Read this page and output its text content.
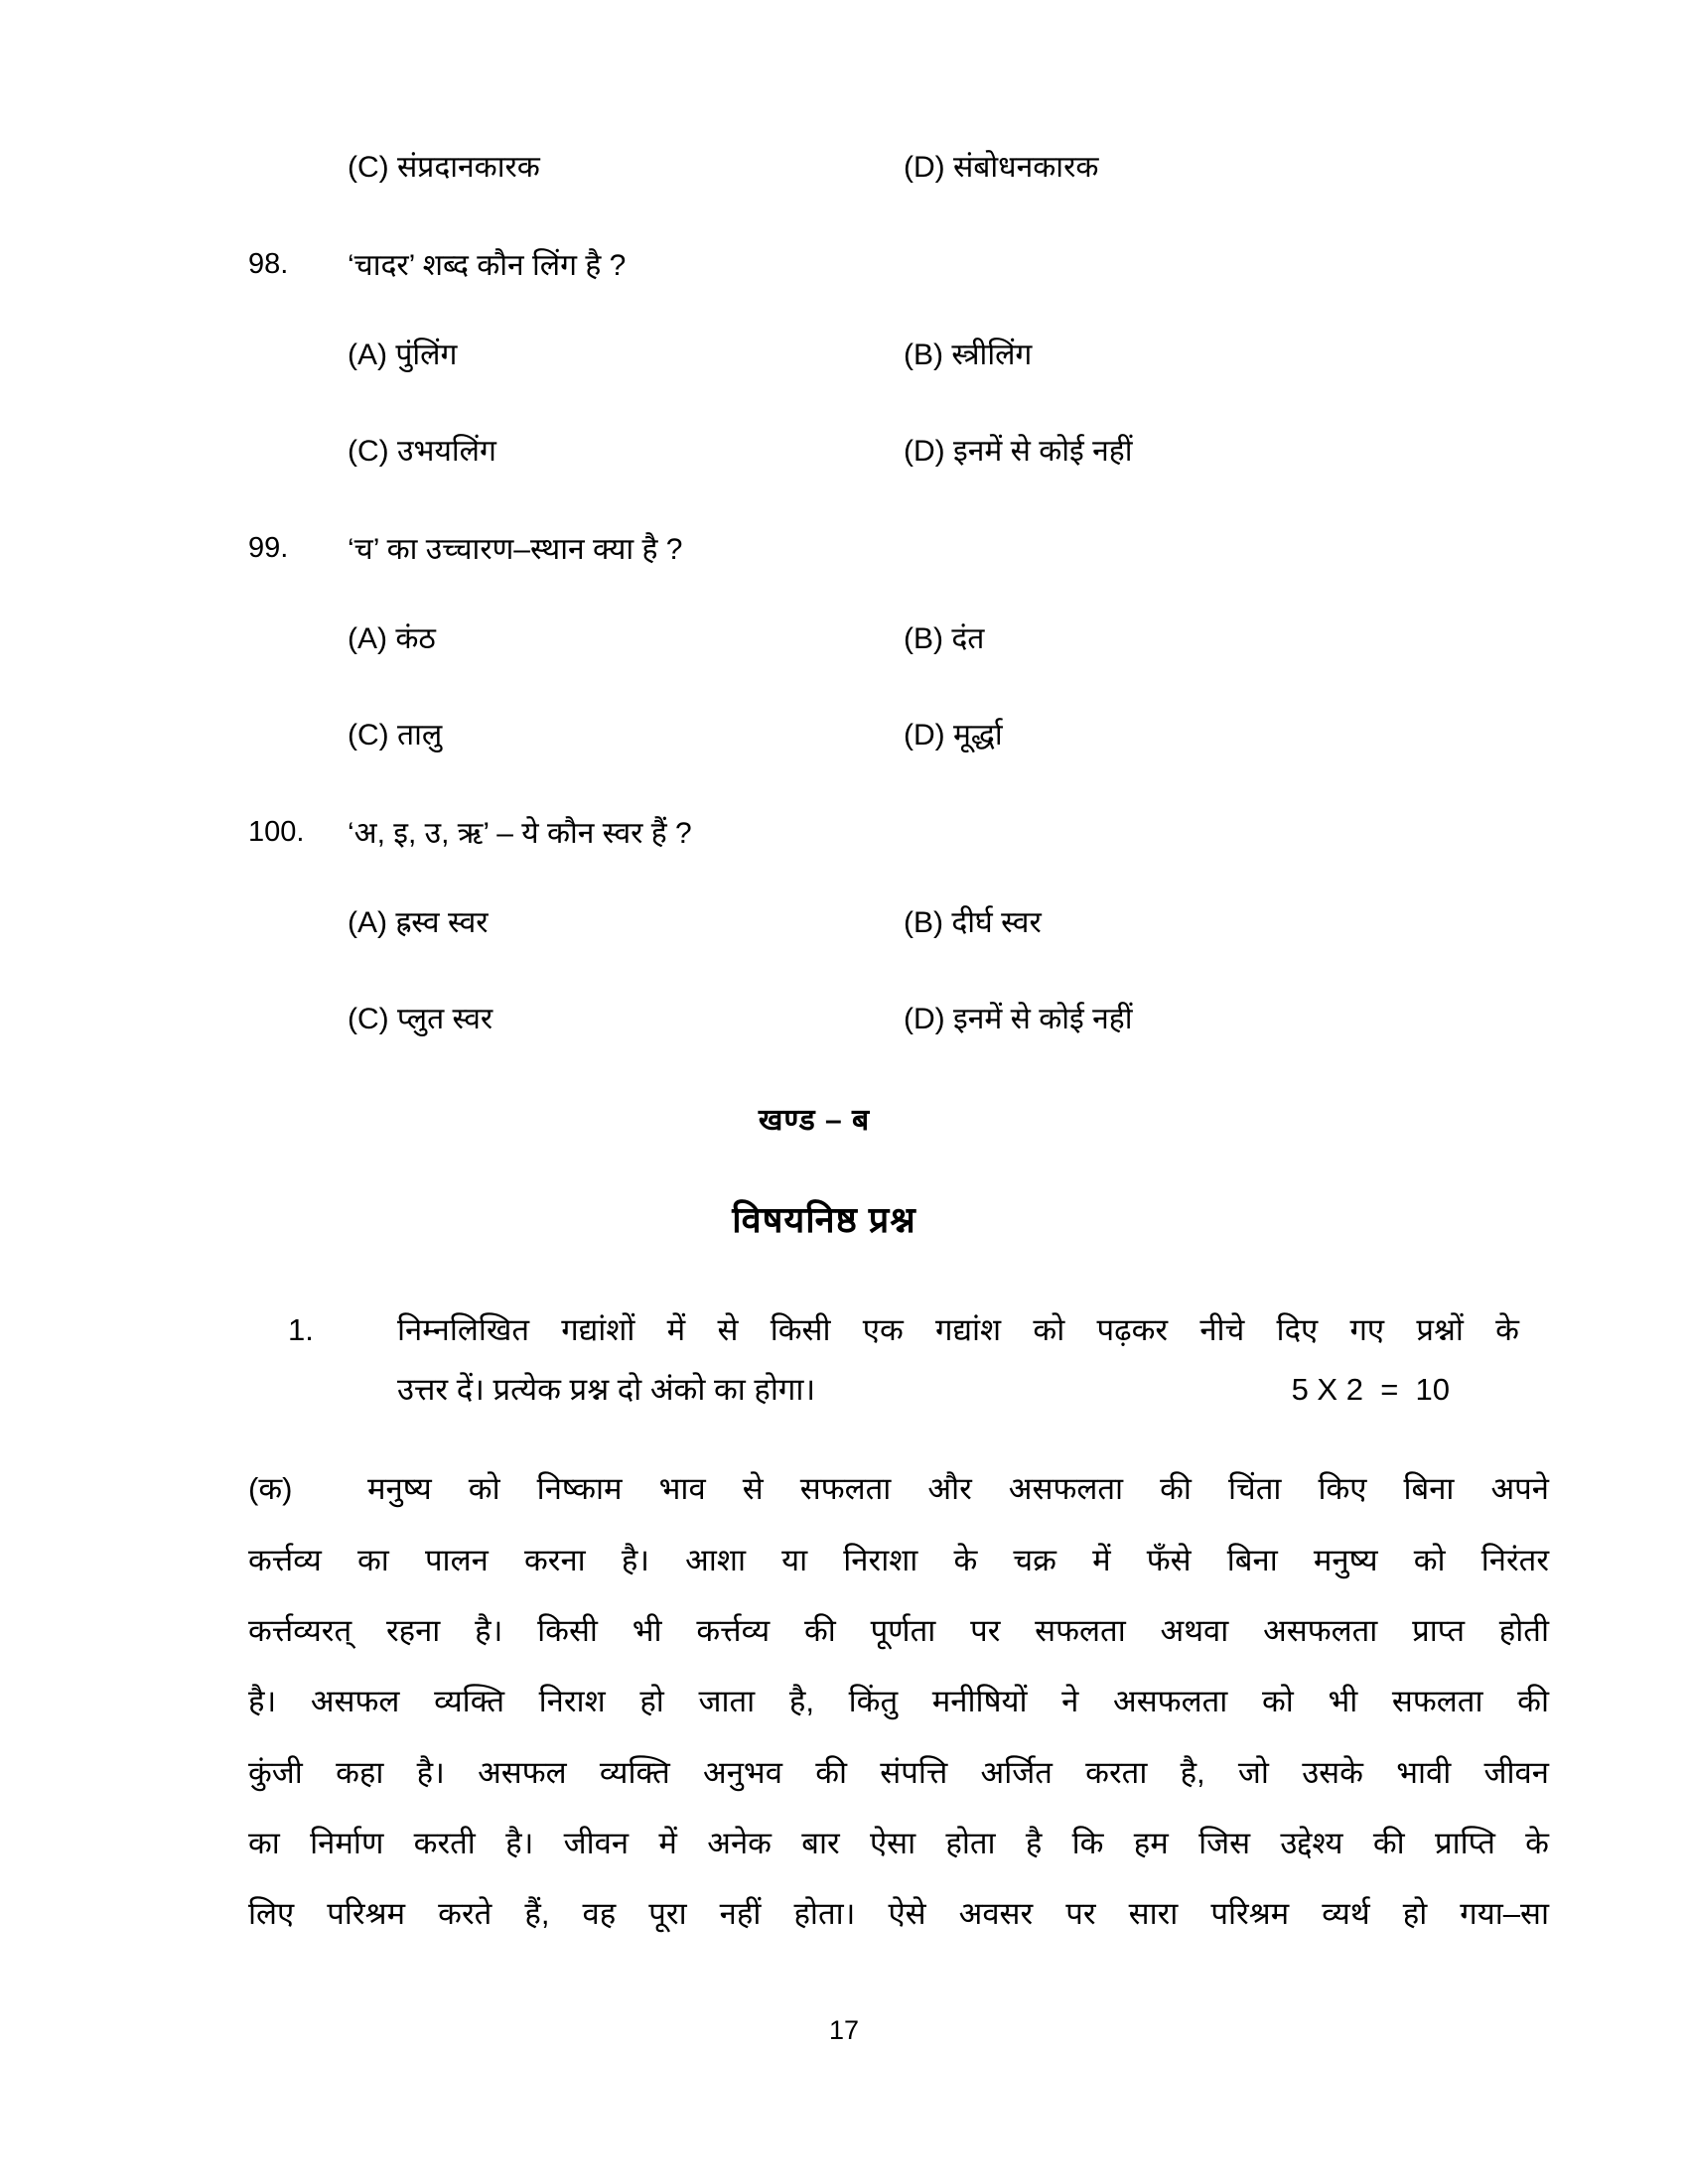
(C) संप्रदानकारक	(D) संबोधनकारक
98.	‘चादर’ शब्द कौन लिंग है ?
(A) पुंलिंग	(B) स्त्रीलिंग
(C) उभयलिंग	(D) इनमें से कोई नहीं
99.	‘च’ का उच्चारण–स्थान क्या है ?
(A) कंठ	(B) दंत
(C) तालु	(D) मूर्द्धा
100.	‘अ, इ, उ, ऋ’ – ये कौन स्वर हैं ?
(A) ह्रस्व स्वर	(B) दीर्घ स्वर
(C) प्लुत स्वर	(D) इनमें से कोई नहीं
खण्ड – ब
विषयनिष्ठ प्रश्न
1.	निम्नलिखित गद्यांशों में से किसी एक गद्यांश को पढ़कर नीचे दिए गए प्रश्नों के
उत्तर दें। प्रत्येक प्रश्न दो अंको का होगा।	5 X 2  =  10
(क)	मनुष्य को निष्काम भाव से सफलता और असफलता की चिंता किए बिना अपने
कर्त्तव्य का पालन करना है। आशा या निराशा के चक्र में फँसे बिना मनुष्य को निरंतर
कर्त्तव्यरत् रहना है। किसी भी कर्त्तव्य की पूर्णता पर सफलता अथवा असफलता प्राप्त होती
है। असफल व्यक्ति निराश हो जाता है, किंतु मनीषियों ने असफलता को भी सफलता की
कुंजी कहा है। असफल व्यक्ति अनुभव की संपत्ति अर्जित करता है, जो उसके भावी जीवन
का निर्माण करती है। जीवन में अनेक बार ऐसा होता है कि हम जिस उद्देश्य की प्राप्ति के
लिए परिश्रम करते हैं, वह पूरा नहीं होता। ऐसे अवसर पर सारा परिश्रम व्यर्थ हो गया–सा
17
